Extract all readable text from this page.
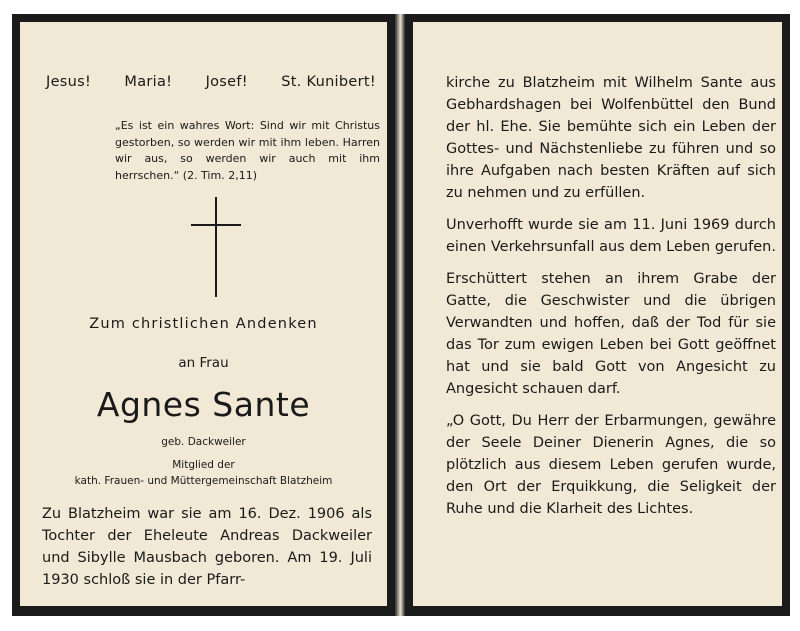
Jesus! Maria! Josef! St. Kunibert!
„Es ist ein wahres Wort: Sind wir mit Christus gestorben, so werden wir mit ihm leben. Harren wir aus, so werden wir auch mit ihm herrschen.“ (2. Tim. 2,11)
Zum christlichen Andenken
an Frau
Agnes Sante
geb. Dackweiler
Mitglied der
kath. Frauen- und Müttergemeinschaft Blatzheim
Zu Blatzheim war sie am 16. Dez. 1906 als Tochter der Eheleute Andreas Dackweiler und Sibylle Mausbach geboren. Am 19. Juli 1930 schloß sie in der Pfarr-

kirche zu Blatzheim mit Wilhelm Sante aus Gebhardshagen bei Wolfenbüttel den Bund der hl. Ehe. Sie bemühte sich ein Leben der Gottes- und Nächstenliebe zu führen und so ihre Aufgaben nach besten Kräften auf sich zu nehmen und zu erfüllen.

Unverhofft wurde sie am 11. Juni 1969 durch einen Verkehrsunfall aus dem Leben gerufen.

Erschüttert stehen an ihrem Grabe der Gatte, die Geschwister und die übrigen Verwandten und hoffen, daß der Tod für sie das Tor zum ewigen Leben bei Gott geöffnet hat und sie bald Gott von Angesicht zu Angesicht schauen darf.

„O Gott, Du Herr der Erbarmungen, gewähre der Seele Deiner Dienerin Agnes, die so plötzlich aus diesem Leben gerufen wurde, den Ort der Erquikkung, die Seligkeit der Ruhe und die Klarheit des Lichtes.
